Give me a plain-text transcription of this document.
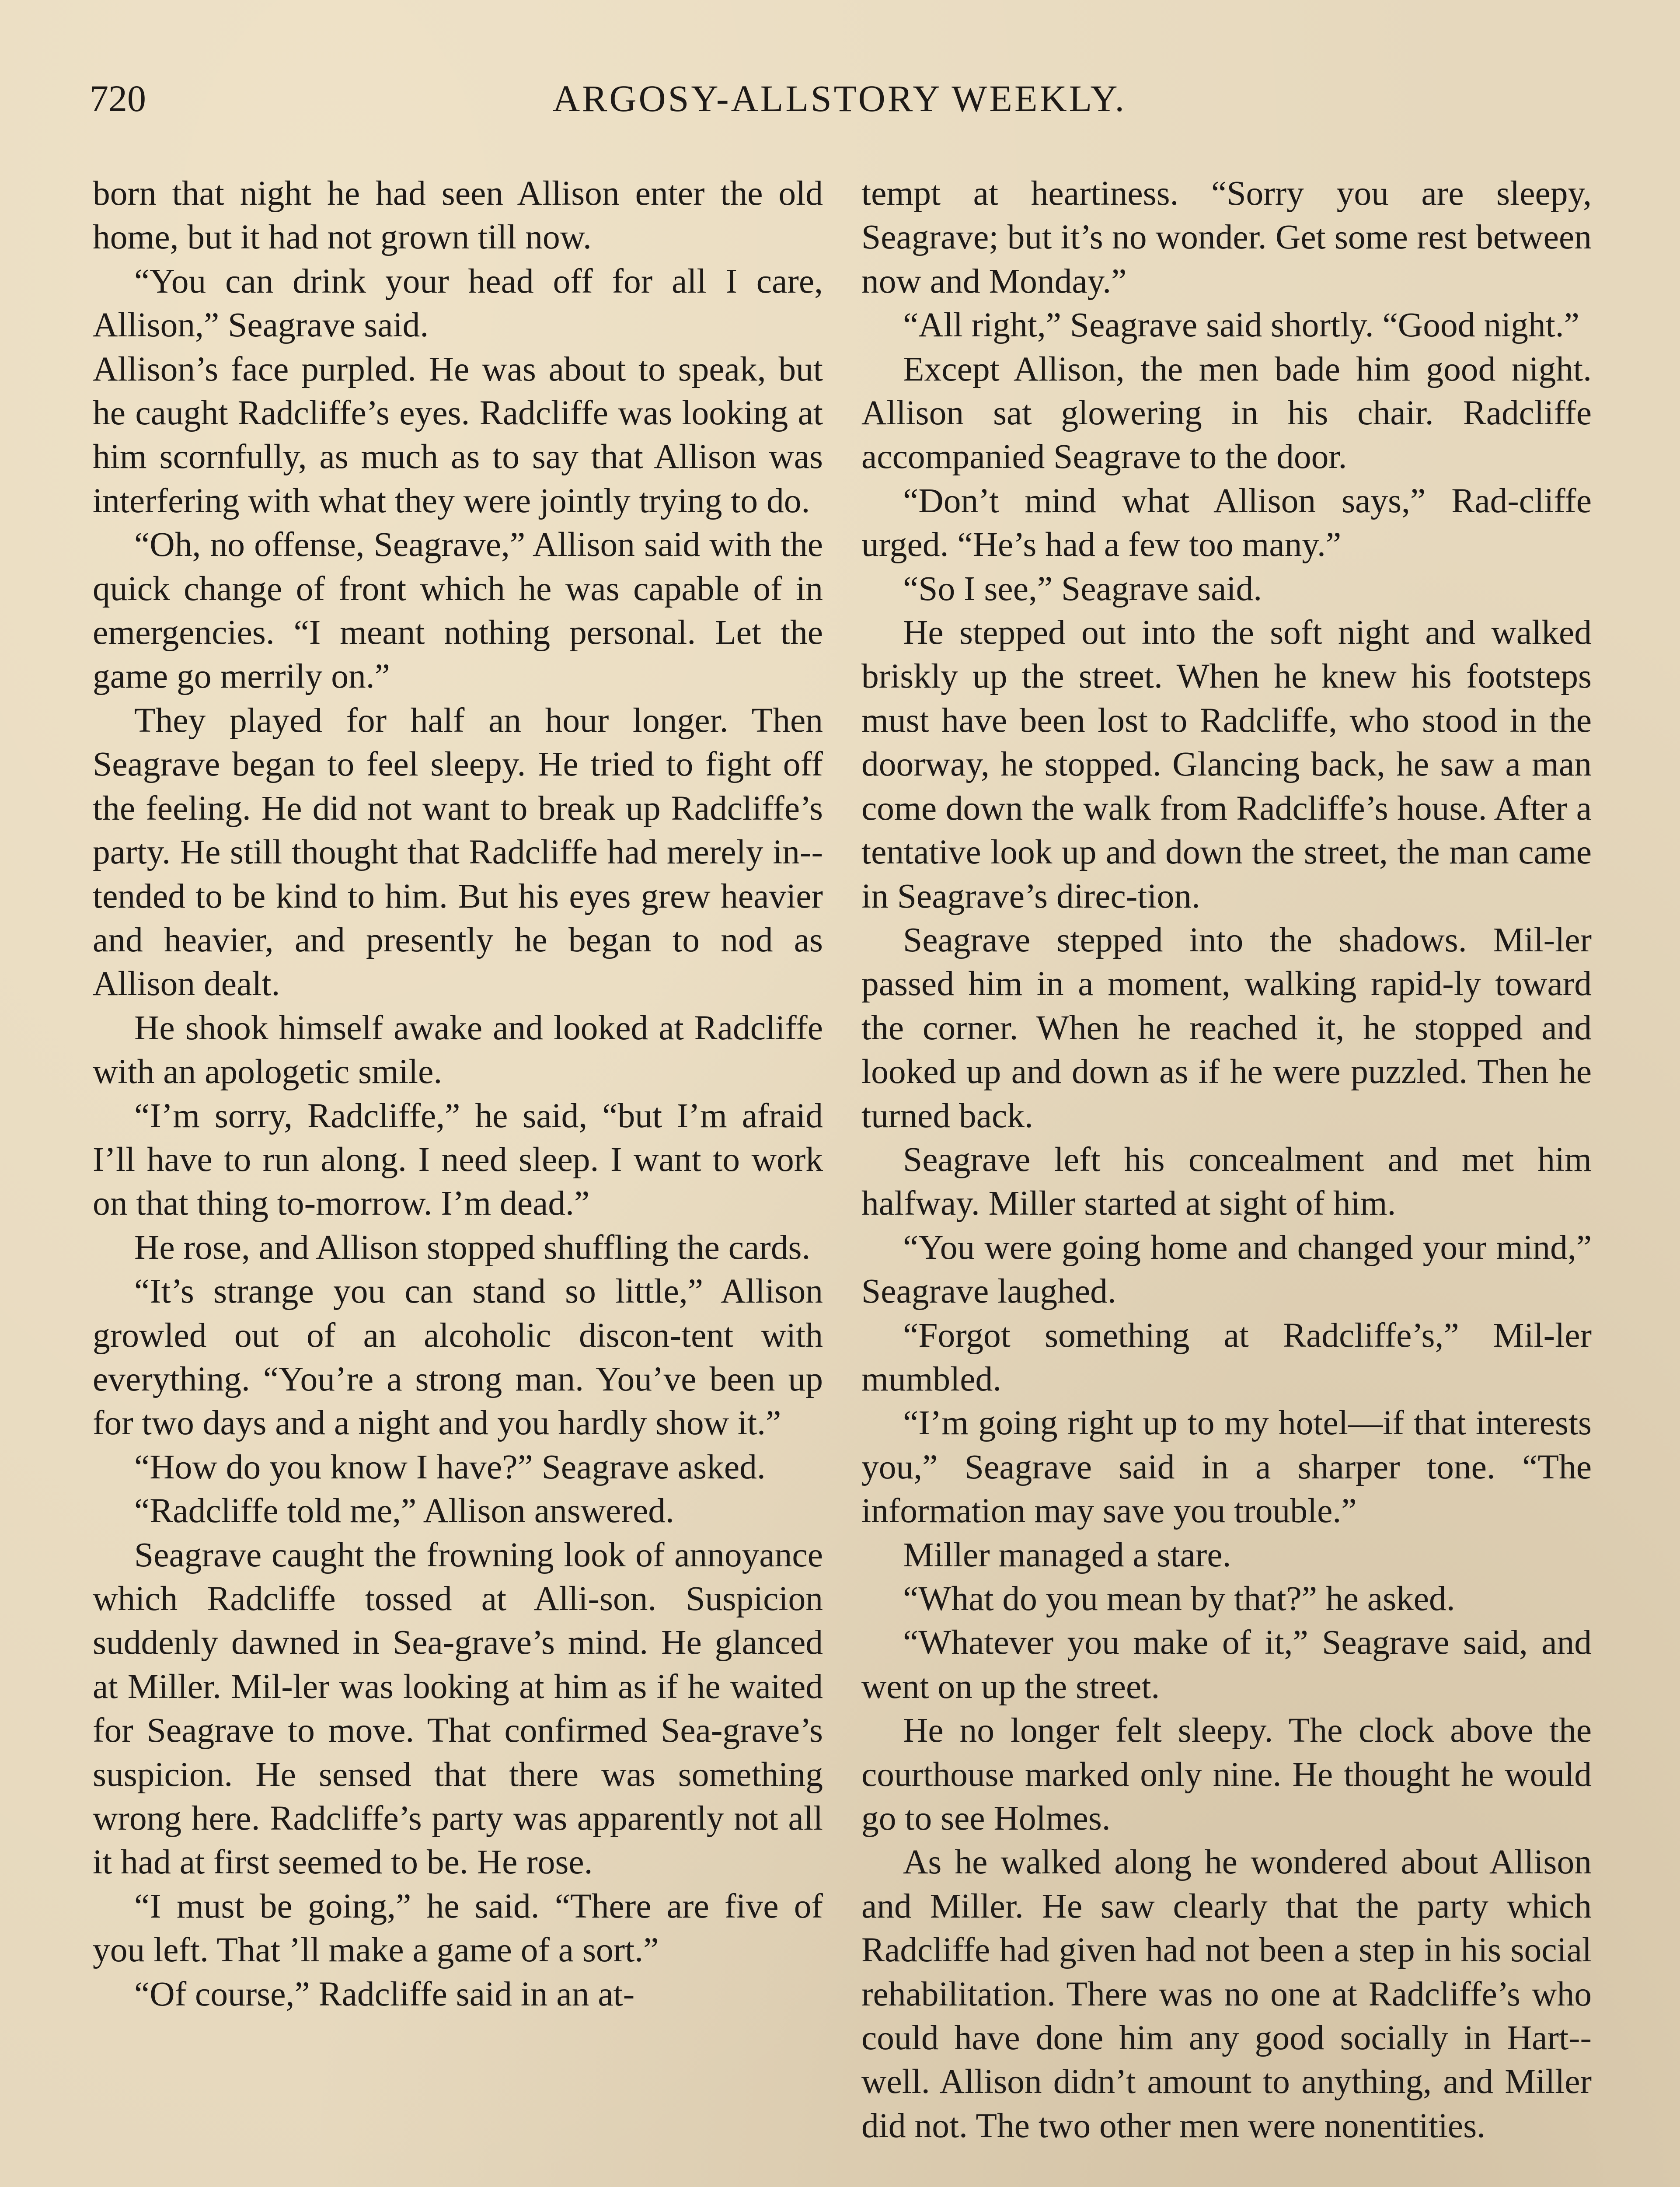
720	ARGOSY-ALLSTORY WEEKLY.

born that night he had seen Allison enter the old home, but it had not grown till now.

“You can drink your head off for all I care, Allison,” Seagrave said.

Allison’s face purpled. He was about to speak, but he caught Radcliffe’s eyes. Radcliffe was looking at him scornfully, as much as to say that Allison was interfering with what they were jointly trying to do.

“Oh, no offense, Seagrave,” Allison said with the quick change of front which he was capable of in emergencies. “I meant nothing personal. Let the game go merrily on.”

They played for half an hour longer. Then Seagrave began to feel sleepy. He tried to fight off the feeling. He did not want to break up Radcliffe’s party. He still thought that Radcliffe had merely in-tended to be kind to him. But his eyes grew heavier and heavier, and presently he began to nod as Allison dealt.

He shook himself awake and looked at Radcliffe with an apologetic smile.

“I’m sorry, Radcliffe,” he said, “but I’m afraid I’ll have to run along. I need sleep. I want to work on that thing to-morrow. I’m dead.”

He rose, and Allison stopped shuffling the cards.

“It’s strange you can stand so little,” Allison growled out of an alcoholic discon-tent with everything. “You’re a strong man. You’ve been up for two days and a night and you hardly show it.”

“How do you know I have?” Seagrave asked.

“Radcliffe told me,” Allison answered.

Seagrave caught the frowning look of annoyance which Radcliffe tossed at Alli-son. Suspicion suddenly dawned in Sea-grave’s mind. He glanced at Miller. Mil-ler was looking at him as if he waited for Seagrave to move. That confirmed Sea-grave’s suspicion. He sensed that there was something wrong here. Radcliffe’s party was apparently not all it had at first seemed to be. He rose.

“I must be going,” he said. “There are five of you left. That ’ll make a game of a sort.”

“Of course,” Radcliffe said in an at-

tempt at heartiness. “Sorry you are sleepy, Seagrave; but it’s no wonder. Get some rest between now and Monday.”

“All right,” Seagrave said shortly. “Good night.”

Except Allison, the men bade him good night. Allison sat glowering in his chair. Radcliffe accompanied Seagrave to the door.

“Don’t mind what Allison says,” Rad-cliffe urged. “He’s had a few too many.”

“So I see,” Seagrave said.

He stepped out into the soft night and walked briskly up the street. When he knew his footsteps must have been lost to Radcliffe, who stood in the doorway, he stopped. Glancing back, he saw a man come down the walk from Radcliffe’s house. After a tentative look up and down the street, the man came in Seagrave’s direc-tion.

Seagrave stepped into the shadows. Mil-ler passed him in a moment, walking rapid-ly toward the corner. When he reached it, he stopped and looked up and down as if he were puzzled. Then he turned back.

Seagrave left his concealment and met him halfway. Miller started at sight of him.

“You were going home and changed your mind,” Seagrave laughed.

“Forgot something at Radcliffe’s,” Mil-ler mumbled.

“I’m going right up to my hotel—if that interests you,” Seagrave said in a sharper tone. “The information may save you trouble.”

Miller managed a stare.

“What do you mean by that?” he asked.

“Whatever you make of it,” Seagrave said, and went on up the street.

He no longer felt sleepy. The clock above the courthouse marked only nine. He thought he would go to see Holmes.

As he walked along he wondered about Allison and Miller. He saw clearly that the party which Radcliffe had given had not been a step in his social rehabilitation. There was no one at Radcliffe’s who could have done him any good socially in Hart-well. Allison didn’t amount to anything, and Miller did not. The two other men were nonentities.
